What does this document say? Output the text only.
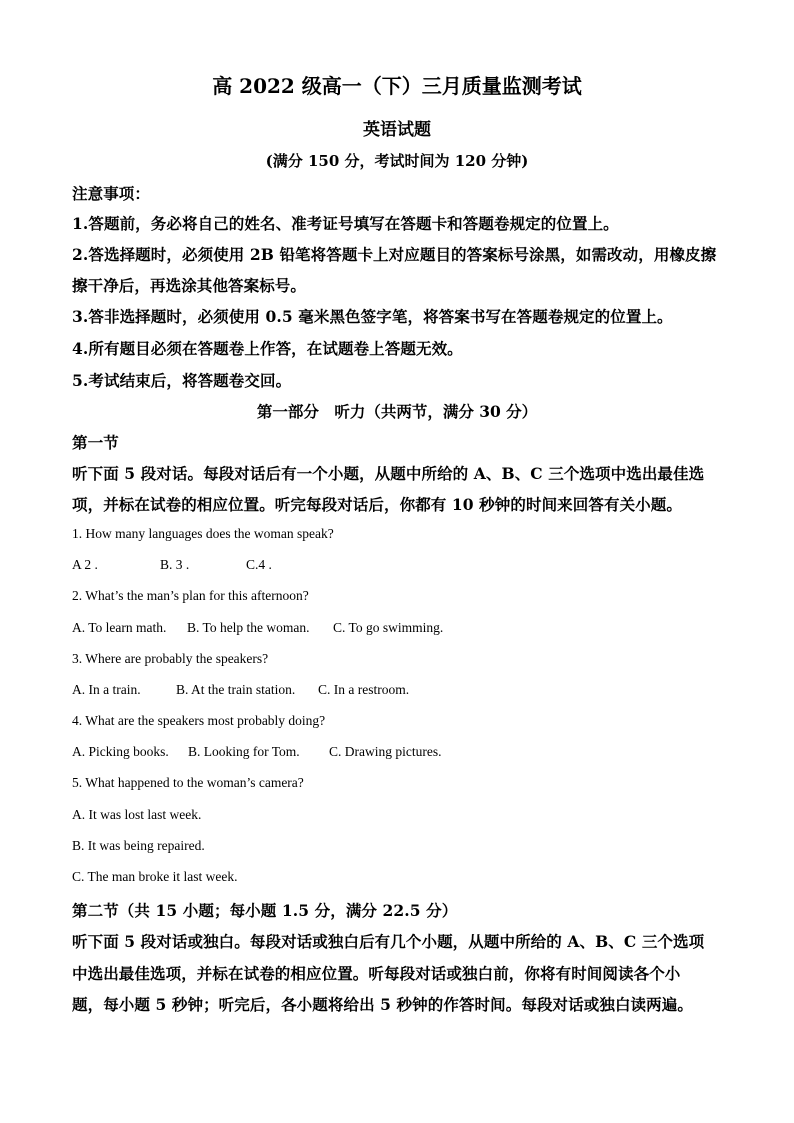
高 2022 级高一（下）三月质量监测考试
英语试题
(满分 150 分，考试时间为 120 分钟)
注意事项：
1.答题前，务必将自己的姓名、准考证号填写在答题卡和答题卷规定的位置上。
2.答选择题时，必须使用 2B 铅笔将答题卡上对应题目的答案标号涂黑，如需改动，用橡皮擦
擦干净后，再选涂其他答案标号。
3.答非选择题时，必须使用 0.5 毫米黑色签字笔，将答案书写在答题卷规定的位置上。
4.所有题目必须在答题卷上作答，在试题卷上答题无效。
5.考试结束后，将答题卷交回。
第一部分　听力（共两节，满分 30 分）
第一节
听下面 5 段对话。每段对话后有一个小题，从题中所给的 A、B、C 三个选项中选出最佳选
项，并标在试卷的相应位置。听完每段对话后，你都有 10 秒钟的时间来回答有关小题。
1. How many languages does the woman speak?
A 2 .	B. 3 .	C.4 .
2. What’s the man’s plan for this afternoon?
A. To learn math. B. To help the woman. C. To go swimming.
3. Where are probably the speakers?
A. In a train.	B. At the train station. C. In a restroom.
4. What are the speakers most probably doing?
A. Picking books. B. Looking for Tom. C. Drawing pictures.
5. What happened to the woman’s camera?
A. It was lost last week.
B. It was being repaired.
C. The man broke it last week.
第二节（共 15 小题；每小题 1.5 分，满分 22.5 分）
听下面 5 段对话或独白。每段对话或独白后有几个小题，从题中所给的 A、B、C 三个选项
中选出最佳选项，并标在试卷的相应位置。听每段对话或独白前，你将有时间阅读各个小
题，每小题 5 秒钟；听完后，各小题将给出 5 秒钟的作答时间。每段对话或独白读两遍。
